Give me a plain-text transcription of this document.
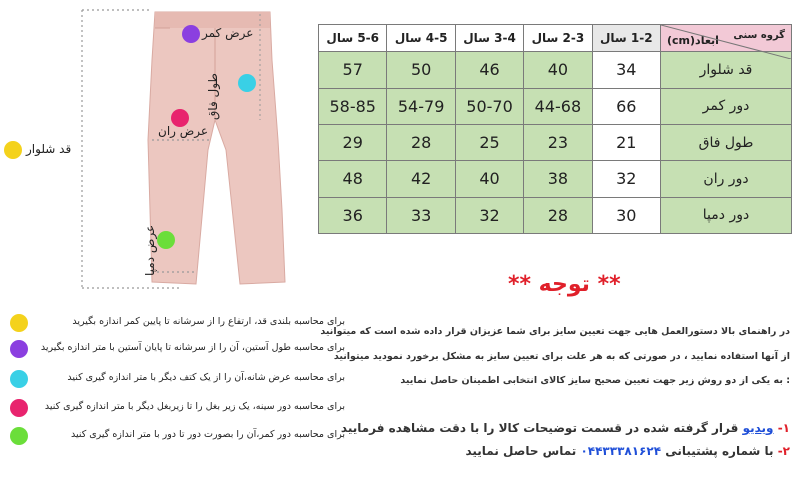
عرض کمر
طول فاق
عرض ران
عرض دمپا
قد شلوار
گروه سنی
ابعاد(cm)	1-2 سال	2-3 سال	3-4 سال	4-5 سال	5-6 سال
قد شلوار	34	40	46	50	57
دور کمر	66	44-68	50-70	54-79	58-85
طول فاق	21	23	25	28	29
دور ران	32	38	40	42	48
دور دمپا	30	28	32	33	36
برای محاسبه بلندی قد، ارتفاع را از سرشانه تا پایین کمر اندازه بگیرید
برای محاسبه طول آستین، آن را از سرشانه تا پایان آستین با متر اندازه بگیرید
برای محاسبه عرض شانه،آن را از یک کتف دیگر با متر اندازه گیری کنید
برای محاسبه دور سینه، یک زیر بغل را تا زیربغل دیگر با متر اندازه گیری کنید
برای محاسبه دور کمر،آن را بصورت دور تا دور با متر اندازه گیری کنید
** توجه **
در راهنمای بالا دستورالعمل هایی جهت تعیین سایز برای شما عزیزان قرار داده شده است که میتوانید
از آنها استفاده نمایید ، در صورتی که به هر علت برای تعیین سایز به مشکل برخورد نمودید میتوانید
: به یکی از دو روش زیر جهت تعیین صحیح سایز کالای انتخابی اطمینان حاصل نمایید
۱- ویدیو قرار گرفته شده در قسمت توضیحات کالا را با دقت مشاهده فرمایید
۲- با شماره پشتیبانی ۰۴۴۳۳۳۸۱۶۲۴ تماس حاصل نمایید
